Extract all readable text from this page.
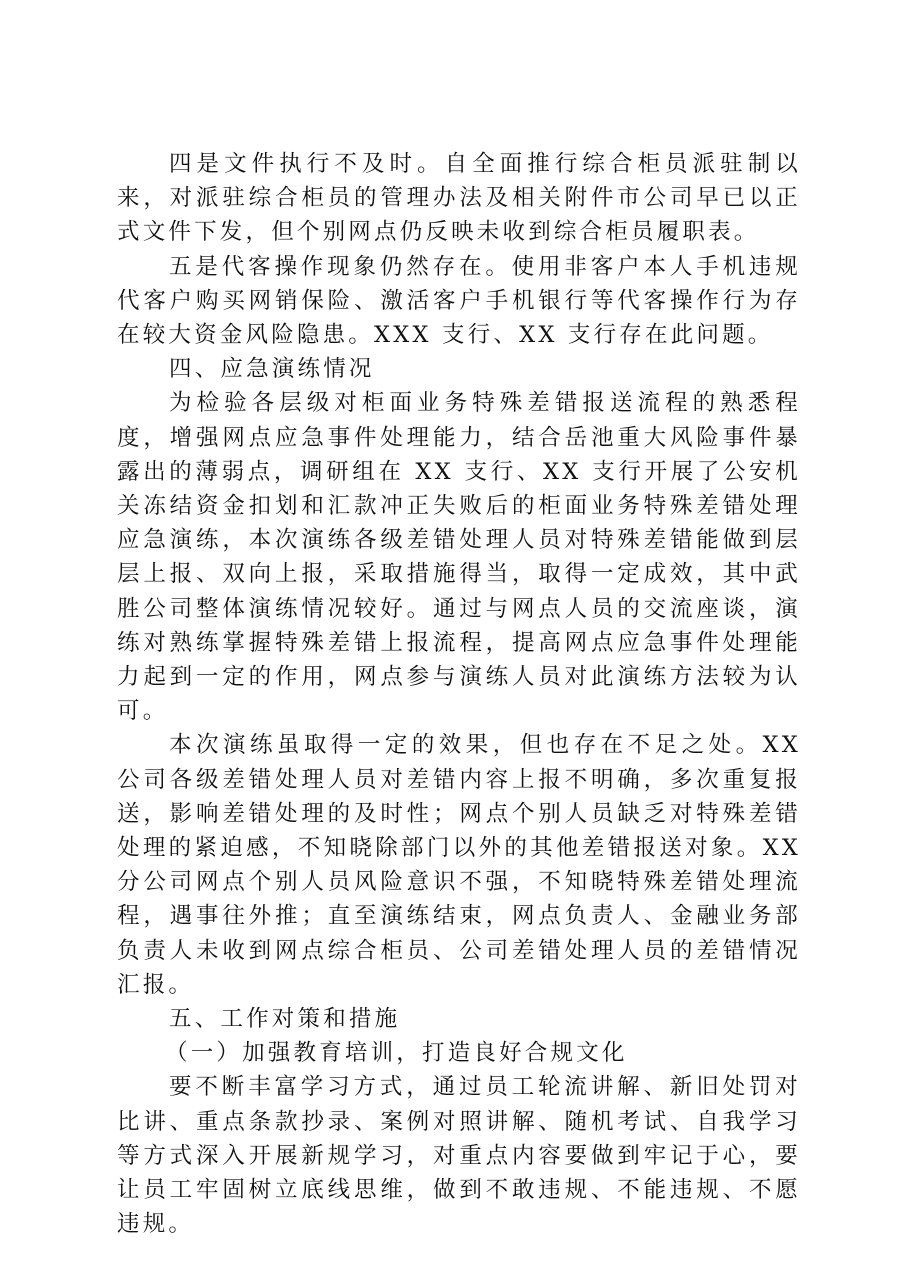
四是文件执行不及时。自全面推行综合柜员派驻制以来，对派驻综合柜员的管理办法及相关附件市公司早已以正式文件下发，但个别网点仍反映未收到综合柜员履职表。

五是代客操作现象仍然存在。使用非客户本人手机违规代客户购买网销保险、激活客户手机银行等代客操作行为存在较大资金风险隐患。XXX 支行、XX 支行存在此问题。

四、应急演练情况

为检验各层级对柜面业务特殊差错报送流程的熟悉程度，增强网点应急事件处理能力，结合岳池重大风险事件暴露出的薄弱点，调研组在 XX 支行、XX 支行开展了公安机关冻结资金扣划和汇款冲正失败后的柜面业务特殊差错处理应急演练，本次演练各级差错处理人员对特殊差错能做到层层上报、双向上报，采取措施得当，取得一定成效，其中武胜公司整体演练情况较好。通过与网点人员的交流座谈，演练对熟练掌握特殊差错上报流程，提高网点应急事件处理能力起到一定的作用，网点参与演练人员对此演练方法较为认可。

本次演练虽取得一定的效果，但也存在不足之处。XX 公司各级差错处理人员对差错内容上报不明确，多次重复报送，影响差错处理的及时性；网点个别人员缺乏对特殊差错处理的紧迫感，不知晓除部门以外的其他差错报送对象。XX 分公司网点个别人员风险意识不强，不知晓特殊差错处理流程，遇事往外推；直至演练结束，网点负责人、金融业务部负责人未收到网点综合柜员、公司差错处理人员的差错情况汇报。

五、工作对策和措施

（一）加强教育培训，打造良好合规文化

要不断丰富学习方式，通过员工轮流讲解、新旧处罚对比讲、重点条款抄录、案例对照讲解、随机考试、自我学习等方式深入开展新规学习，对重点内容要做到牢记于心，要让员工牢固树立底线思维，做到不敢违规、不能违规、不愿违规。
